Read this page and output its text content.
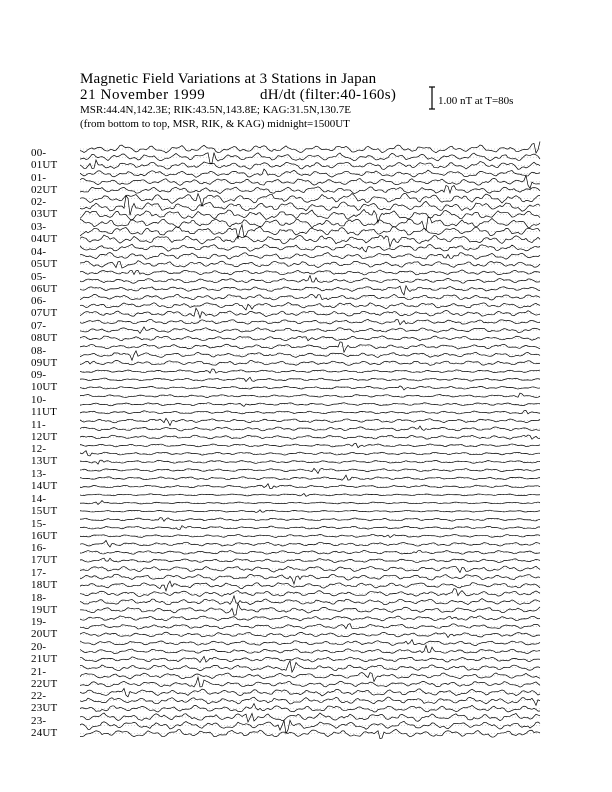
Magnetic Field Variations at 3 Stations in Japan
21 November 1999	dH/dt (filter:40-160s)
MSR:44.4N,142.3E; RIK:43.5N,143.8E; KAG:31.5N,130.7E
(from bottom to top, MSR, RIK, & KAG) midnight=1500UT
1.00 nT at T=80s
00-01UT
01-02UT
02-03UT
03-04UT
04-05UT
05-06UT
06-07UT
07-08UT
08-09UT
09-10UT
10-11UT
11-12UT
12-13UT
13-14UT
14-15UT
15-16UT
16-17UT
17-18UT
18-19UT
19-20UT
20-21UT
21-22UT
22-23UT
23-24UT
